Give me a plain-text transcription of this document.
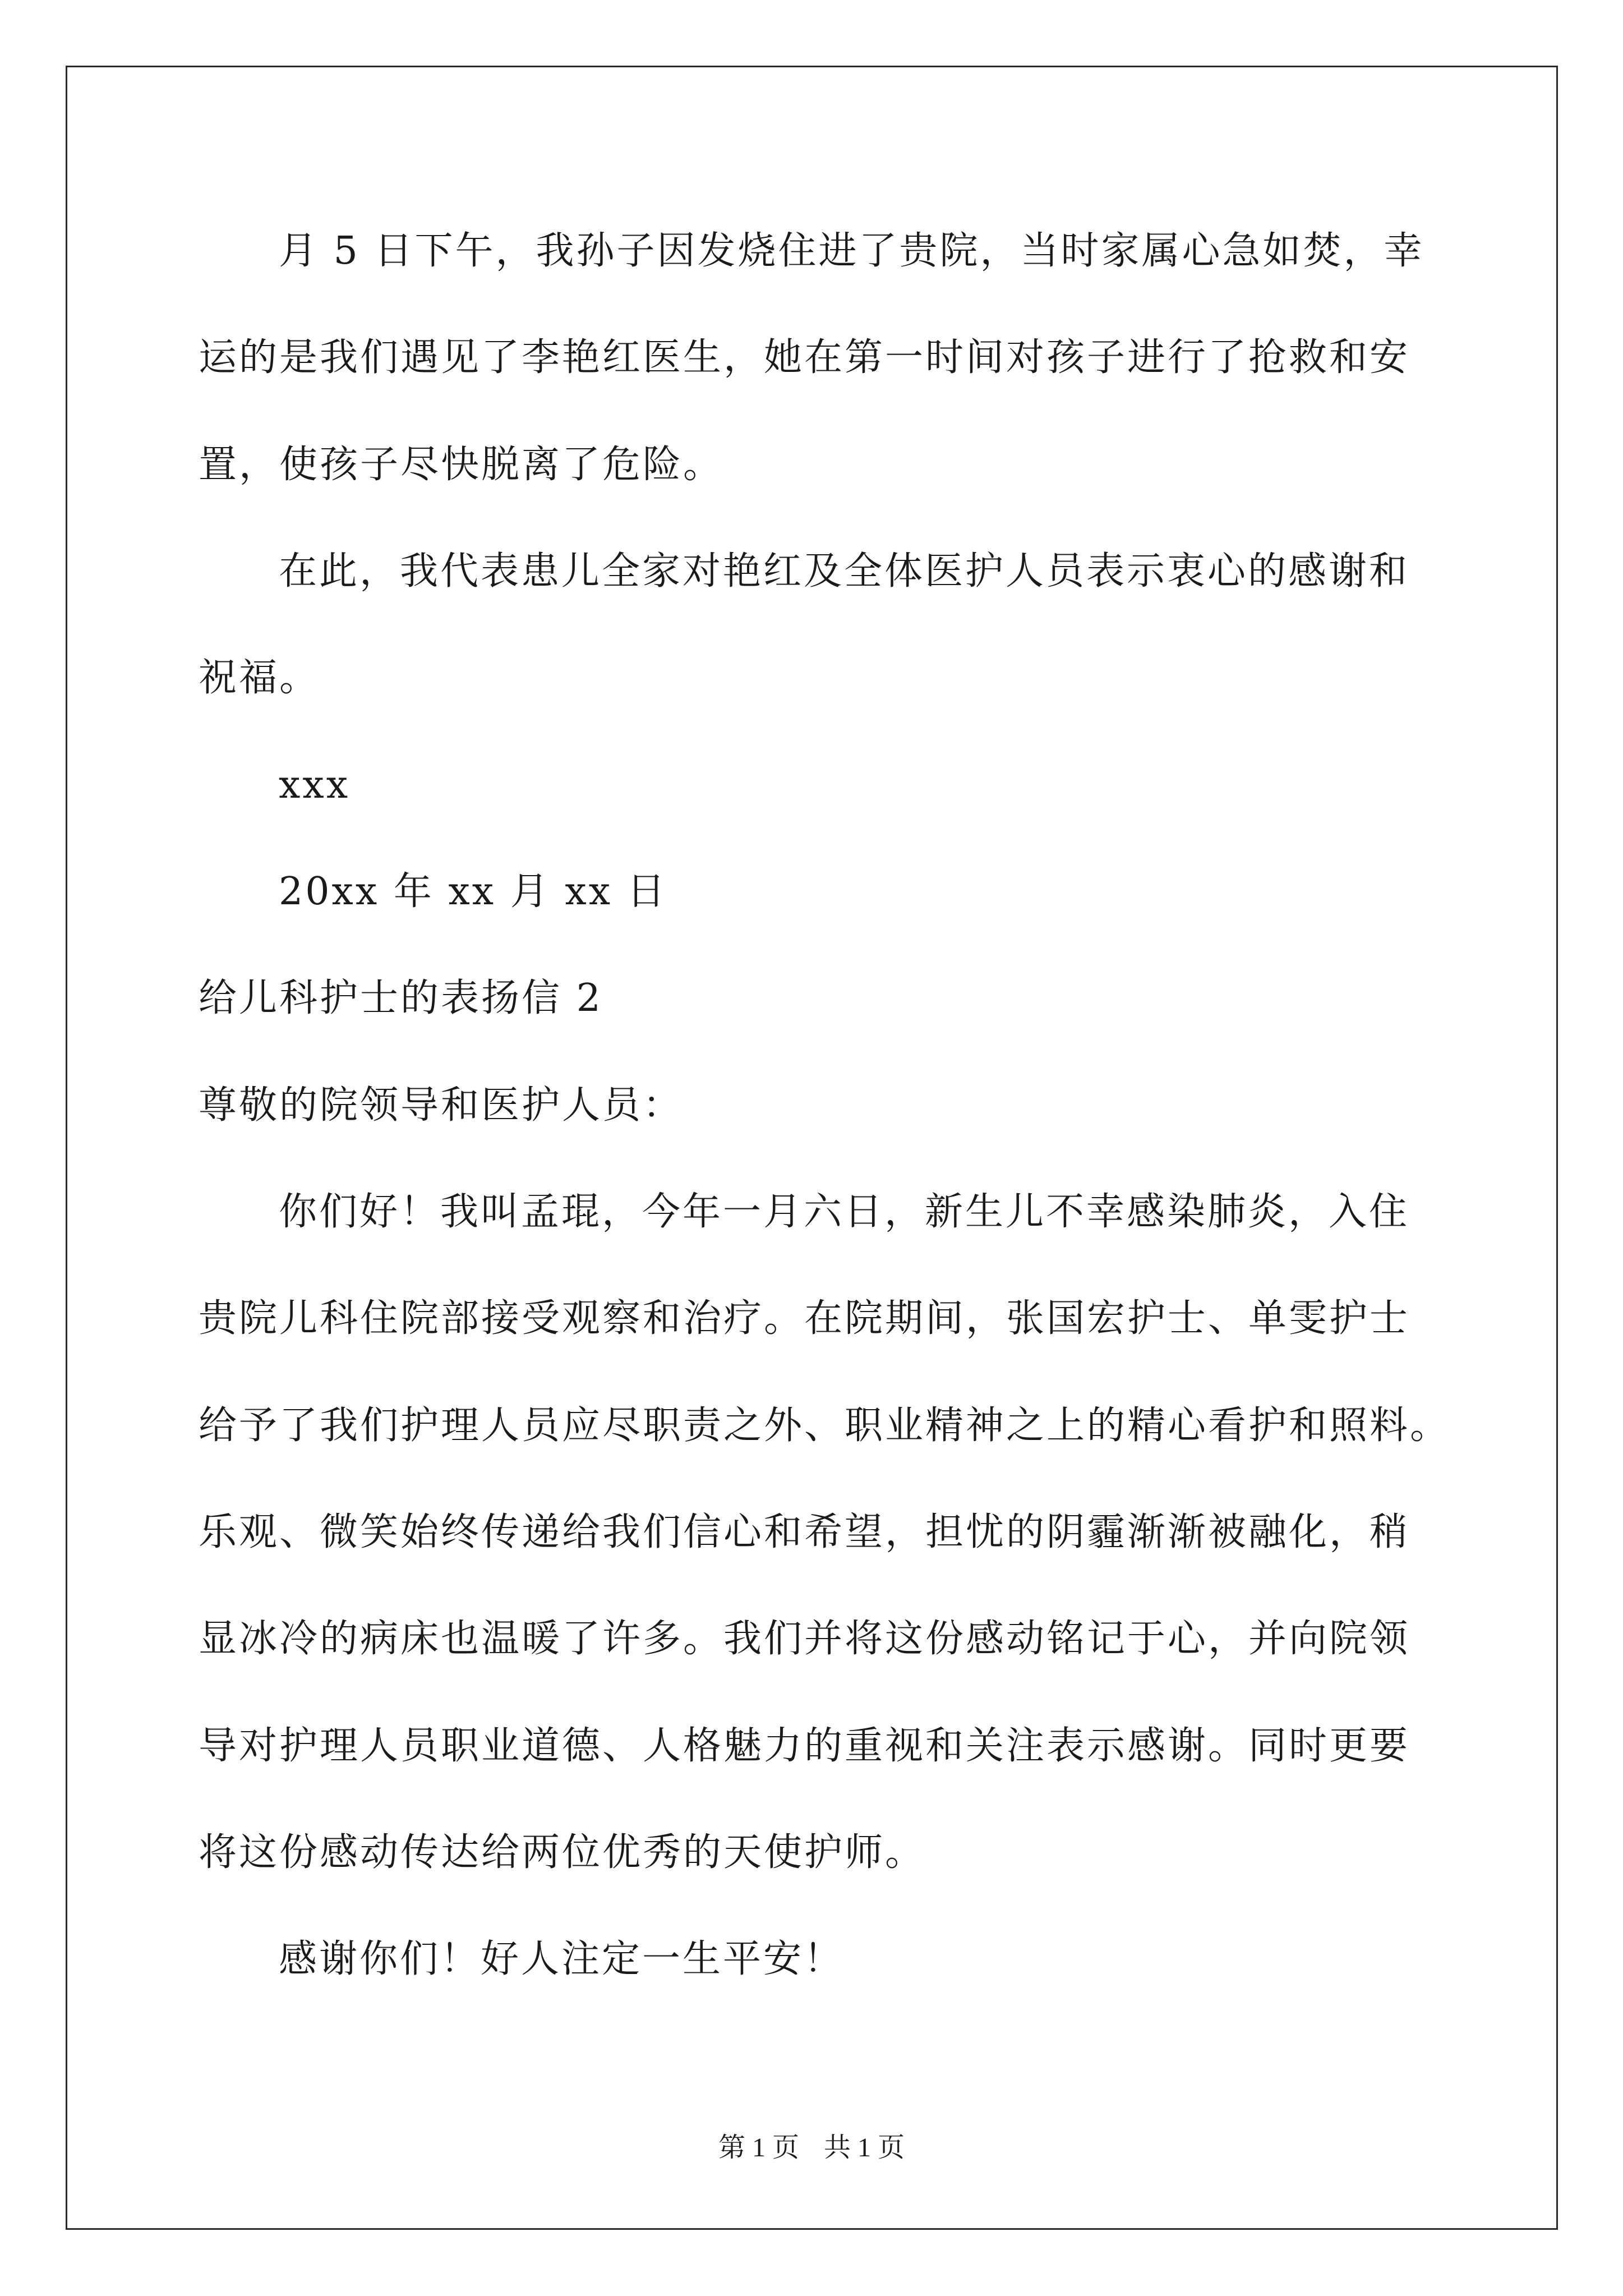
月 5 日下午，我孙子因发烧住进了贵院，当时家属心急如焚，幸
运的是我们遇见了李艳红医生，她在第一时间对孩子进行了抢救和安
置，使孩子尽快脱离了危险。
在此，我代表患儿全家对艳红及全体医护人员表示衷心的感谢和
祝福。
xxx
20xx 年 xx 月 xx 日
给儿科护士的表扬信 2
尊敬的院领导和医护人员：
你们好！我叫孟琨，今年一月六日，新生儿不幸感染肺炎，入住
贵院儿科住院部接受观察和治疗。在院期间，张国宏护士、单雯护士
给予了我们护理人员应尽职责之外、职业精神之上的精心看护和照料。
乐观、微笑始终传递给我们信心和希望，担忧的阴霾渐渐被融化，稍
显冰冷的病床也温暖了许多。我们并将这份感动铭记于心，并向院领
导对护理人员职业道德、人格魅力的重视和关注表示感谢。同时更要
将这份感动传达给两位优秀的天使护师。
感谢你们！好人注定一生平安！
第 1 页 共 1 页
